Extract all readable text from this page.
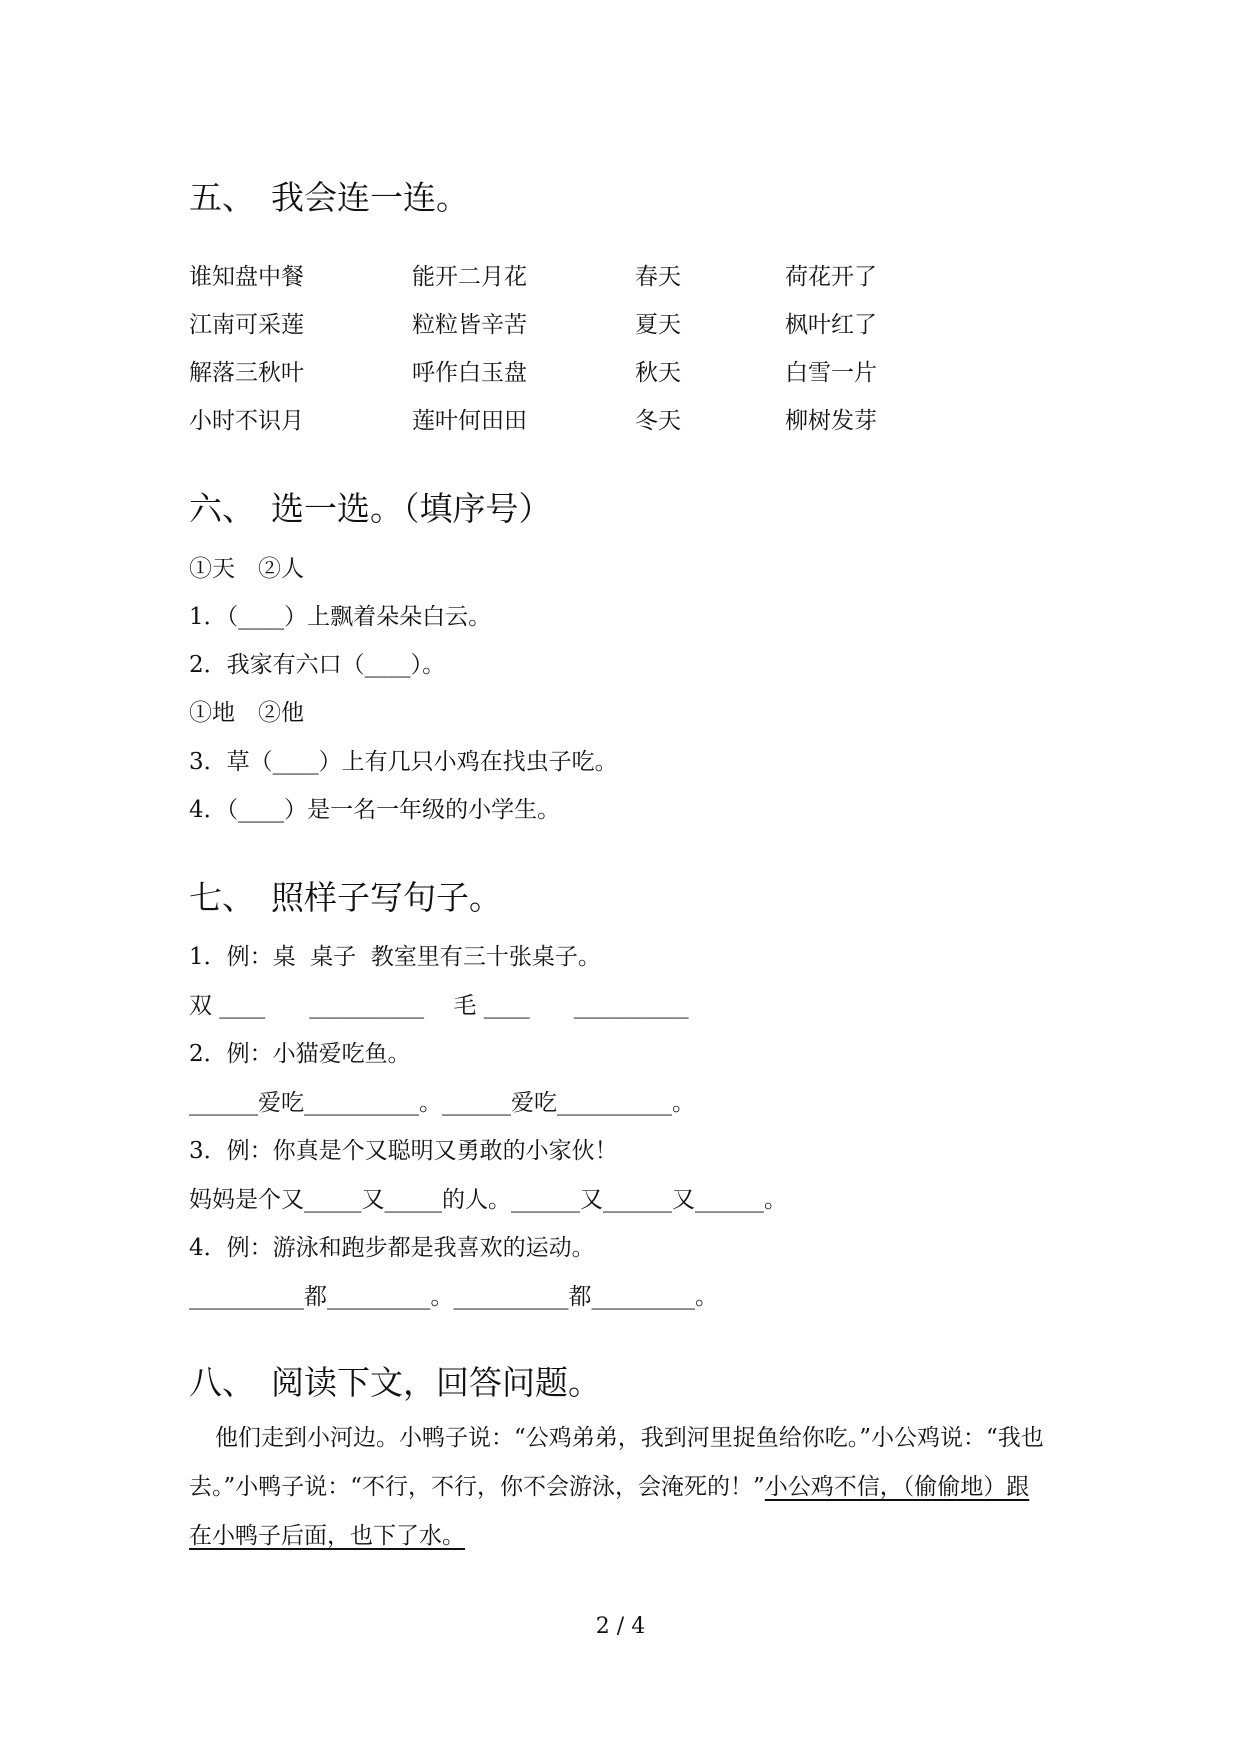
五、 我会连一连。
谁知盘中餐	能开二月花	春天	荷花开了
江南可采莲	粒粒皆辛苦	夏天	枫叶红了
解落三秋叶	呼作白玉盘	秋天	白雪一片
小时不识月	莲叶何田田	冬天	柳树发芽
六、 选一选。（填序号）
①天　②人
1．（____）上飘着朵朵白云。
2．我家有六口（____）。
①地　②他
3．草（____）上有几只小鸡在找虫子吃。
4．（____）是一名一年级的小学生。
七、 照样子写句子。
1．例：桌  桌子  教室里有三十张桌子。
双 ____      __________    毛 ____      __________
2．例：小猫爱吃鱼。
______爱吃__________。______爱吃__________。
3．例：你真是个又聪明又勇敢的小家伙！
妈妈是个又_____又_____的人。______又______又______。
4．例：游泳和跑步都是我喜欢的运动。
__________都_________。__________都_________。
八、 阅读下文，回答问题。
他们走到小河边。小鸭子说：“公鸡弟弟，我到河里捉鱼给你吃。”小公鸡说：“我也去。”小鸭子说：“不行，不行，你不会游泳，会淹死的！”小公鸡不信，（偷偷地）跟在小鸭子后面，也下了水。
2 / 4
